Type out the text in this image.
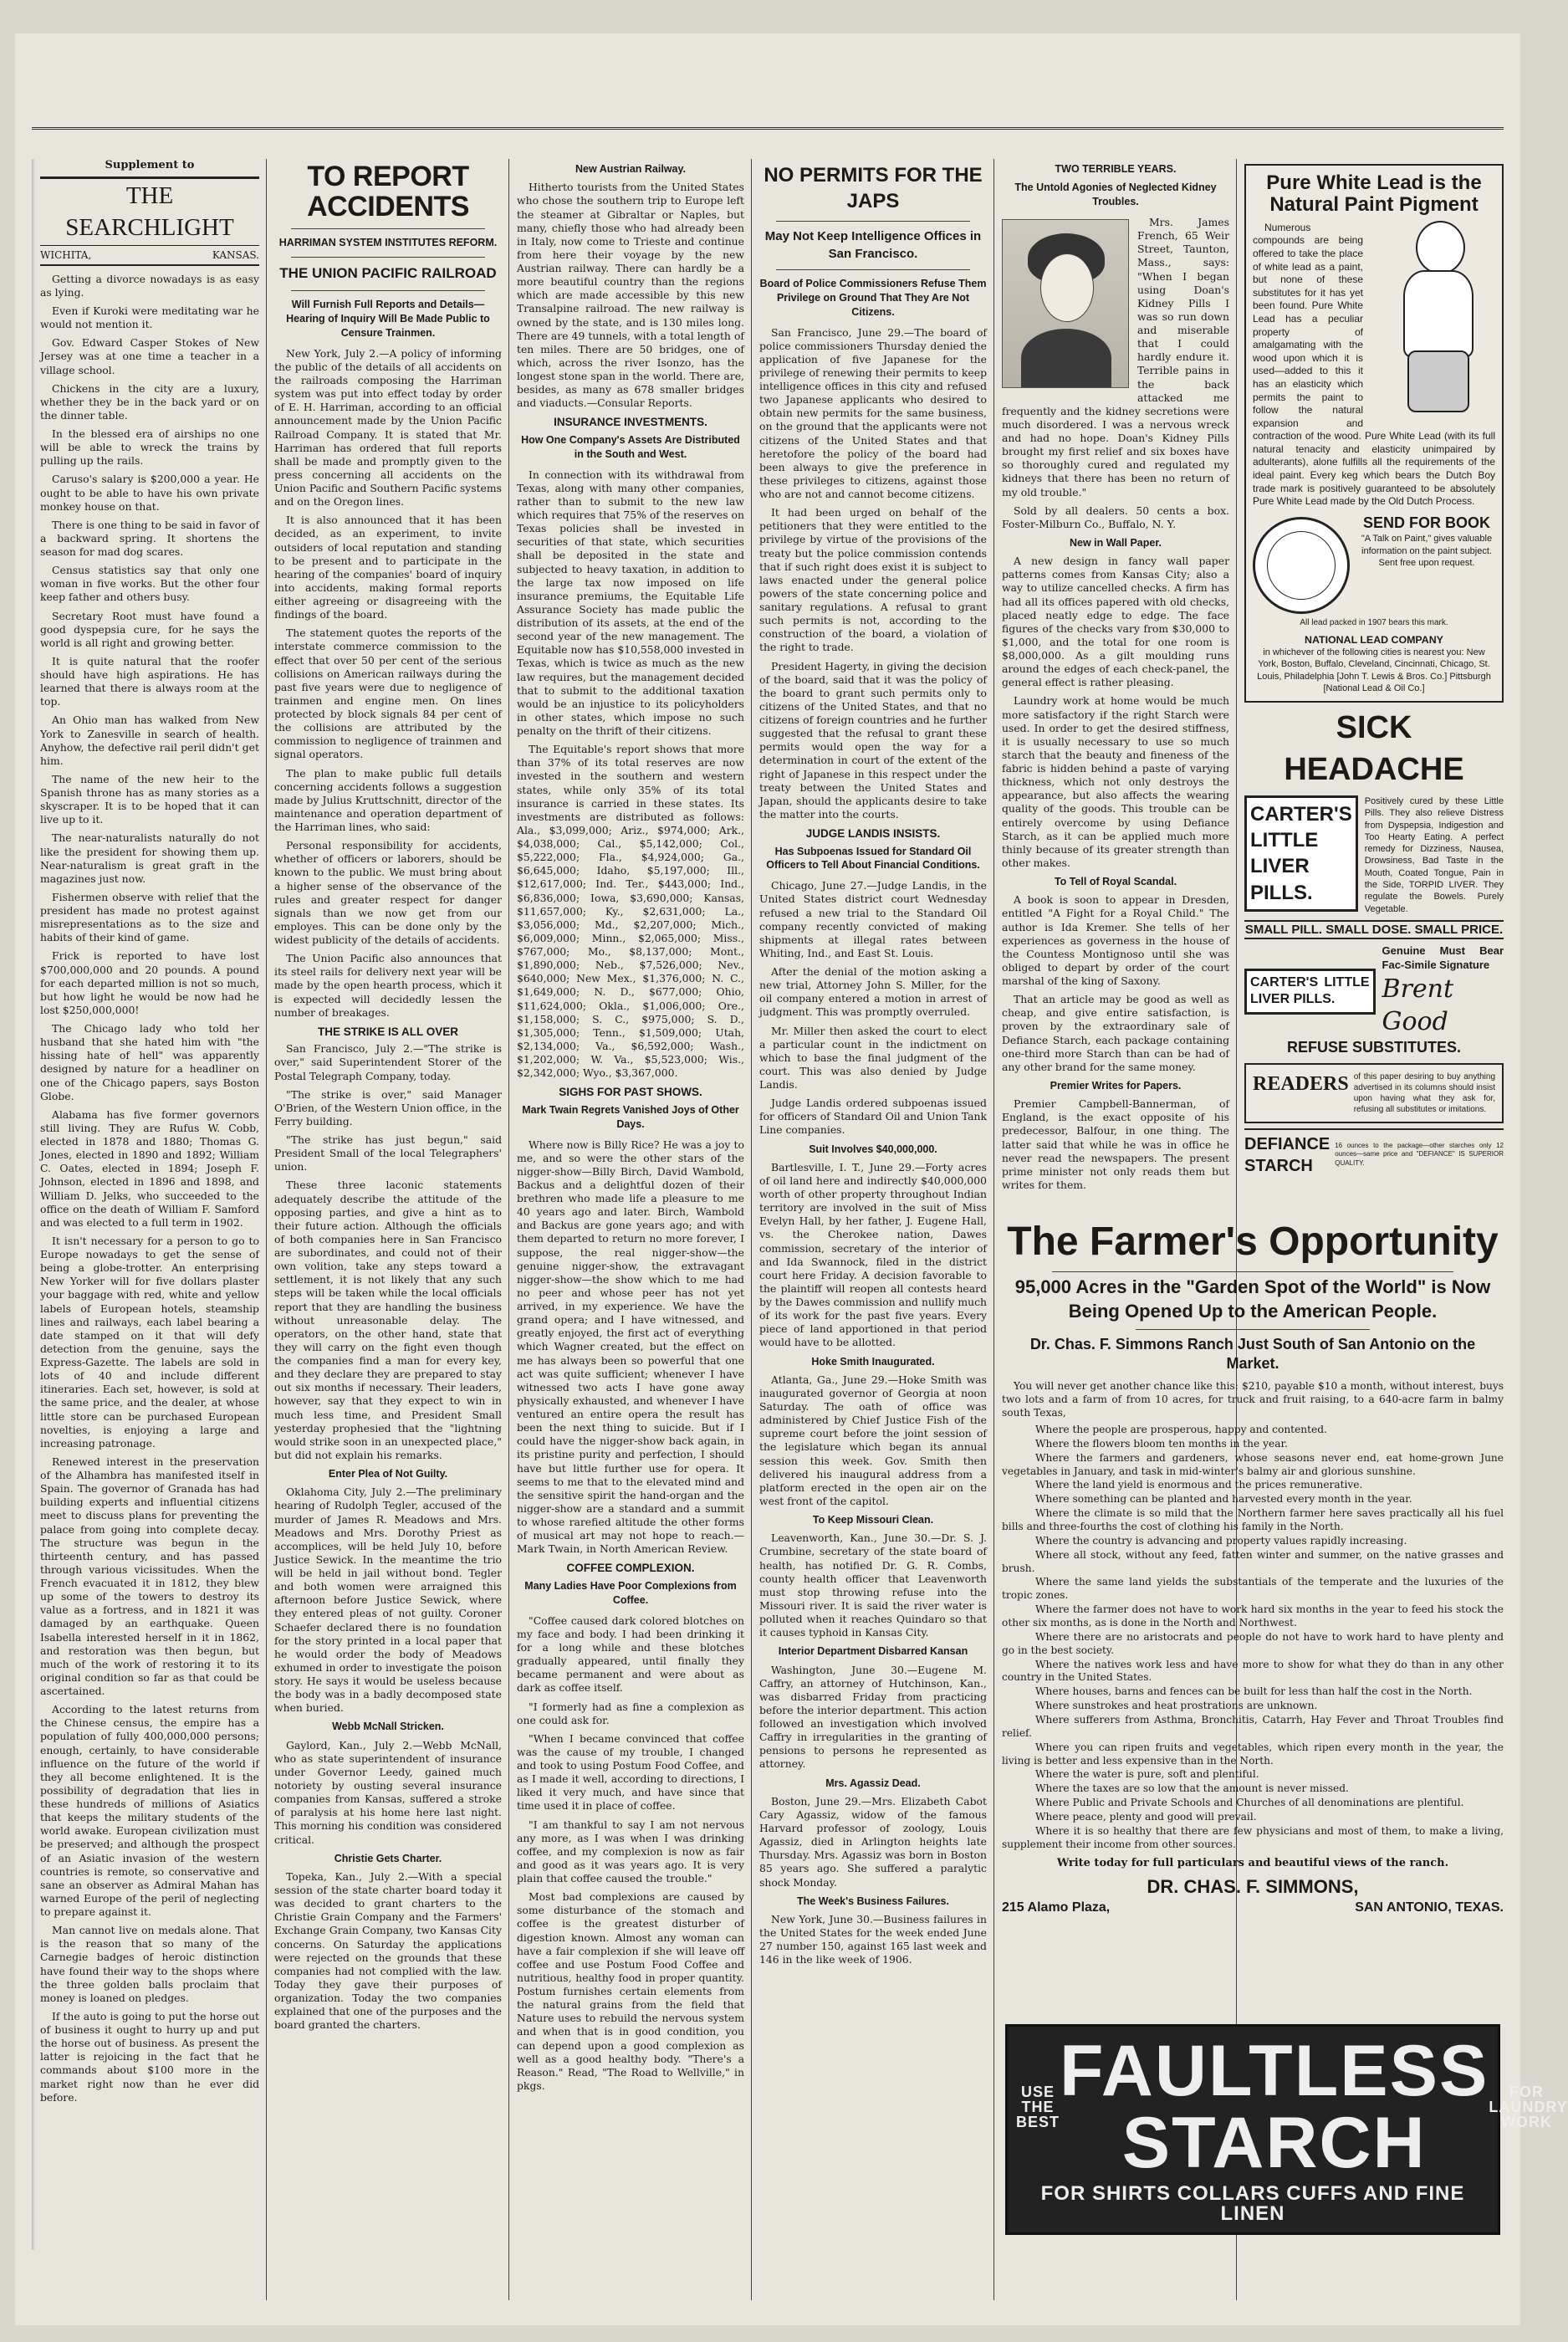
Supplement to
THE SEARCHLIGHT
WICHITA,	KANSAS.

Getting a divorce nowadays is as easy as lying.

Even if Kuroki were meditating war he would not mention it.

Gov. Edward Casper Stokes of New Jersey was at one time a teacher in a village school.

Chickens in the city are a luxury, whether they be in the back yard or on the dinner table.

In the blessed era of airships no one will be able to wreck the trains by pulling up the rails.

Caruso's salary is $200,000 a year. He ought to be able to have his own private monkey house on that.

There is one thing to be said in favor of a backward spring. It shortens the season for mad dog scares.

Census statistics say that only one woman in five works. But the other four keep father and others busy.

Secretary Root must have found a good dyspepsia cure, for he says the world is all right and growing better.

It is quite natural that the roofer should have high aspirations. He has learned that there is always room at the top.

An Ohio man has walked from New York to Zanesville in search of health. Anyhow, the defective rail peril didn't get him.

The name of the new heir to the Spanish throne has as many stories as a skyscraper. It is to be hoped that it can live up to it.

The near-naturalists naturally do not like the president for showing them up. Near-naturalism is great graft in the magazines just now.

Fishermen observe with relief that the president has made no protest against misrepresentations as to the size and habits of their kind of game.

Frick is reported to have lost $700,000,000 and 20 pounds. A pound for each departed million is not so much, but how light he would be now had he lost $250,000,000!

The Chicago lady who told her husband that she hated him with "the hissing hate of hell" was apparently designed by nature for a headliner on one of the Chicago papers, says Boston Globe.

Alabama has five former governors still living. They are Rufus W. Cobb, elected in 1878 and 1880; Thomas G. Jones, elected in 1890 and 1892; William C. Oates, elected in 1894; Joseph F. Johnson, elected in 1896 and 1898, and William D. Jelks, who succeeded to the office on the death of William F. Samford and was elected to a full term in 1902.

It isn't necessary for a person to go to Europe nowadays to get the sense of being a globe-trotter. An enterprising New Yorker will for five dollars plaster your baggage with red, white and yellow labels of European hotels, steamship lines and railways, each label bearing a date stamped on it that will defy detection from the genuine, says the Express-Gazette. The labels are sold in lots of 40 and include different itineraries. Each set, however, is sold at the same price, and the dealer, at whose little store can be purchased European novelties, is enjoying a large and increasing patronage.

Renewed interest in the preservation of the Alhambra has manifested itself in Spain. The governor of Granada has had building experts and influential citizens meet to discuss plans for preventing the palace from going into complete decay. The structure was begun in the thirteenth century, and has passed through various vicissitudes. When the French evacuated it in 1812, they blew up some of the towers to destroy its value as a fortress, and in 1821 it was damaged by an earthquake. Queen Isabella interested herself in it in 1862, and restoration was then begun, but much of the work of restoring it to its original condition so far as that could be ascertained.

According to the latest returns from the Chinese census, the empire has a population of fully 400,000,000 persons; enough, certainly, to have considerable influence on the future of the world if they all become enlightened. It is the possibility of degradation that lies in these hundreds of millions of Asiatics that keeps the military students of the world awake. European civilization must be preserved; and although the prospect of an Asiatic invasion of the western countries is remote, so conservative and sane an observer as Admiral Mahan has warned Europe of the peril of neglecting to prepare against it.

Man cannot live on medals alone. That is the reason that so many of the Carnegie badges of heroic distinction have found their way to the shops where the three golden balls proclaim that money is loaned on pledges.

If the auto is going to put the horse out of business it ought to hurry up and put the horse out of business. As present the latter is rejoicing in the fact that he commands about $100 more in the market right now than he ever did before.

TO REPORT ACCIDENTS
HARRIMAN SYSTEM INSTITUTES REFORM.
THE UNION PACIFIC RAILROAD
Will Furnish Full Reports and Details—Hearing of Inquiry Will Be Made Public to Censure Trainmen.

New York, July 2.—A policy of informing the public of the details of all accidents on the railroads composing the Harriman system was put into effect today by order of E. H. Harriman, according to an official announcement made by the Union Pacific Railroad Company. It is stated that Mr. Harriman has ordered that full reports shall be made and promptly given to the press concerning all accidents on the Union Pacific and Southern Pacific systems and on the Oregon lines.

It is also announced that it has been decided, as an experiment, to invite outsiders of local reputation and standing to be present and to participate in the hearing of the companies' board of inquiry into accidents, making formal reports either agreeing or disagreeing with the findings of the board.

The statement quotes the reports of the interstate commerce commission to the effect that over 50 per cent of the serious collisions on American railways during the past five years were due to negligence of trainmen and engine men. On lines protected by block signals 84 per cent of the collisions are attributed by the commission to negligence of trainmen and signal operators.

The plan to make public full details concerning accidents follows a suggestion made by Julius Kruttschnitt, director of the maintenance and operation department of the Harriman lines, who said:

Personal responsibility for accidents, whether of officers or laborers, should be known to the public. We must bring about a higher sense of the observance of the rules and greater respect for danger signals than we now get from our employes. This can be done only by the widest publicity of the details of accidents.

The Union Pacific also announces that its steel rails for delivery next year will be made by the open hearth process, which it is expected will decidedly lessen the number of breakages.

THE STRIKE IS ALL OVER

San Francisco, July 2.—"The strike is over," said Superintendent Storer of the Postal Telegraph Company, today.

"The strike is over," said Manager O'Brien, of the Western Union office, in the Ferry building.

"The strike has just begun," said President Small of the local Telegraphers' union.

These three laconic statements adequately describe the attitude of the opposing parties, and give a hint as to their future action. Although the officials of both companies here in San Francisco are subordinates, and could not of their own volition, take any steps toward a settlement, it is not likely that any such steps will be taken while the local officials report that they are handling the business without unreasonable delay. The operators, on the other hand, state that they will carry on the fight even though the companies find a man for every key, and they declare they are prepared to stay out six months if necessary. Their leaders, however, say that they expect to win in much less time, and President Small yesterday prophesied that the "lightning would strike soon in an unexpected place," but did not explain his remarks.

Enter Plea of Not Guilty.

Oklahoma City, July 2.—The preliminary hearing of Rudolph Tegler, accused of the murder of James R. Meadows and Mrs. Meadows and Mrs. Dorothy Priest as accomplices, will be held July 10, before Justice Sewick. In the meantime the trio will be held in jail without bond. Tegler and both women were arraigned this afternoon before Justice Sewick, where they entered pleas of not guilty. Coroner Schaefer declared there is no foundation for the story printed in a local paper that he would order the body of Meadows exhumed in order to investigate the poison story. He says it would be useless because the body was in a badly decomposed state when buried.

Webb McNall Stricken.

Gaylord, Kan., July 2.—Webb McNall, who as state superintendent of insurance under Governor Leedy, gained much notoriety by ousting several insurance companies from Kansas, suffered a stroke of paralysis at his home here last night. This morning his condition was considered critical.

Christie Gets Charter.

Topeka, Kan., July 2.—With a special session of the state charter board today it was decided to grant charters to the Christie Grain Company and the Farmers' Exchange Grain Company, two Kansas City concerns. On Saturday the applications were rejected on the grounds that these companies had not complied with the law. Today they gave their purposes of organization. Today the two companies explained that one of the purposes and the board granted the charters.

New Austrian Railway.

Hitherto tourists from the United States who chose the southern trip to Europe left the steamer at Gibraltar or Naples, but many, chiefly those who had already been in Italy, now come to Trieste and continue from here their voyage by the new Austrian railway. There can hardly be a more beautiful country than the regions which are made accessible by this new Transalpine railroad. The new railway is owned by the state, and is 130 miles long. There are 49 tunnels, with a total length of ten miles. There are 50 bridges, one of which, across the river Isonzo, has the longest stone span in the world. There are, besides, as many as 678 smaller bridges and viaducts.—Consular Reports.

INSURANCE INVESTMENTS.
How One Company's Assets Are Distributed in the South and West.

In connection with its withdrawal from Texas, along with many other companies, rather than to submit to the new law which requires that 75% of the reserves on Texas policies shall be invested in securities of that state, which securities shall be deposited in the state and subjected to heavy taxation, in addition to the large tax now imposed on life insurance premiums, the Equitable Life Assurance Society has made public the distribution of its assets, at the end of the second year of the new management. The Equitable now has $10,558,000 invested in Texas, which is twice as much as the new law requires, but the management decided that to submit to the additional taxation would be an injustice to its policyholders in other states, which impose no such penalty on the thrift of their citizens.

The Equitable's report shows that more than 37% of its total reserves are now invested in the southern and western states, while only 35% of its total insurance is carried in these states. Its investments are distributed as follows: Ala., $3,099,000; Ariz., $974,000; Ark., $4,038,000; Cal., $5,142,000; Col., $5,222,000; Fla., $4,924,000; Ga., $6,645,000; Idaho, $5,197,000; Ill., $12,617,000; Ind. Ter., $443,000; Ind., $6,836,000; Iowa, $3,690,000; Kansas, $11,657,000; Ky., $2,631,000; La., $3,056,000; Md., $2,207,000; Mich., $6,009,000; Minn., $2,065,000; Miss., $767,000; Mo., $8,137,000; Mont., $1,890,000; Neb., $7,526,000; Nev., $640,000; New Mex., $1,376,000; N. C., $1,649,000; N. D., $677,000; Ohio, $11,624,000; Okla., $1,006,000; Ore., $1,158,000; S. C., $975,000; S. D., $1,305,000; Tenn., $1,509,000; Utah, $2,134,000; Va., $6,592,000; Wash., $1,202,000; W. Va., $5,523,000; Wis., $2,342,000; Wyo., $3,367,000.

SIGHS FOR PAST SHOWS.
Mark Twain Regrets Vanished Joys of Other Days.

Where now is Billy Rice? He was a joy to me, and so were the other stars of the nigger-show—Billy Birch, David Wambold, Backus and a delightful dozen of their brethren who made life a pleasure to me 40 years ago and later. Birch, Wambold and Backus are gone years ago; and with them departed to return no more forever, I suppose, the real nigger-show—the genuine nigger-show, the extravagant nigger-show—the show which to me had no peer and whose peer has not yet arrived, in my experience. We have the grand opera; and I have witnessed, and greatly enjoyed, the first act of everything which Wagner created, but the effect on me has always been so powerful that one act was quite sufficient; whenever I have witnessed two acts I have gone away physically exhausted, and whenever I have ventured an entire opera the result has been the next thing to suicide. But if I could have the nigger-show back again, in its pristine purity and perfection, I should have but little further use for opera. It seems to me that to the elevated mind and the sensitive spirit the hand-organ and the nigger-show are a standard and a summit to whose rarefied altitude the other forms of musical art may not hope to reach.—Mark Twain, in North American Review.

COFFEE COMPLEXION.
Many Ladies Have Poor Complexions from Coffee.

"Coffee caused dark colored blotches on my face and body. I had been drinking it for a long while and these blotches gradually appeared, until finally they became permanent and were about as dark as coffee itself.

"I formerly had as fine a complexion as one could ask for.

"When I became convinced that coffee was the cause of my trouble, I changed and took to using Postum Food Coffee, and as I made it well, according to directions, I liked it very much, and have since that time used it in place of coffee.

"I am thankful to say I am not nervous any more, as I was when I was drinking coffee, and my complexion is now as fair and good as it was years ago. It is very plain that coffee caused the trouble."

Most bad complexions are caused by some disturbance of the stomach and coffee is the greatest disturber of digestion known. Almost any woman can have a fair complexion if she will leave off coffee and use Postum Food Coffee and nutritious, healthy food in proper quantity. Postum furnishes certain elements from the natural grains from the field that Nature uses to rebuild the nervous system and when that is in good condition, you can depend upon a good complexion as well as a good healthy body. "There's a Reason." Read, "The Road to Wellville," in pkgs.

NO PERMITS FOR THE JAPS
May Not Keep Intelligence Offices in San Francisco.
Board of Police Commissioners Refuse Them Privilege on Ground That They Are Not Citizens.

San Francisco, June 29.—The board of police commissioners Thursday denied the application of five Japanese for the privilege of renewing their permits to keep intelligence offices in this city and refused two Japanese applicants who desired to obtain new permits for the same business, on the ground that the applicants were not citizens of the United States and that heretofore the policy of the board had been always to give the preference in these privileges to citizens, against those who are not and cannot become citizens.

It had been urged on behalf of the petitioners that they were entitled to the privilege by virtue of the provisions of the treaty but the police commission contends that if such right does exist it is subject to laws enacted under the general police powers of the state concerning police and sanitary regulations. A refusal to grant such permits is not, according to the construction of the board, a violation of the right to trade.

President Hagerty, in giving the decision of the board, said that it was the policy of the board to grant such permits only to citizens of the United States, and that no citizens of foreign countries and he further suggested that the refusal to grant these permits would open the way for a determination in court of the extent of the right of Japanese in this respect under the treaty between the United States and Japan, should the applicants desire to take the matter into the courts.

JUDGE LANDIS INSISTS.
Has Subpoenas Issued for Standard Oil Officers to Tell About Financial Conditions.

Chicago, June 27.—Judge Landis, in the United States district court Wednesday refused a new trial to the Standard Oil company recently convicted of making shipments at illegal rates between Whiting, Ind., and East St. Louis.

After the denial of the motion asking a new trial, Attorney John S. Miller, for the oil company entered a motion in arrest of judgment. This was promptly overruled.

Mr. Miller then asked the court to elect a particular count in the indictment on which to base the final judgment of the court. This was also denied by Judge Landis.

Judge Landis ordered subpoenas issued for officers of Standard Oil and Union Tank Line companies.

Suit Involves $40,000,000.

Bartlesville, I. T., June 29.—Forty acres of oil land here and indirectly $40,000,000 worth of other property throughout Indian territory are involved in the suit of Miss Evelyn Hall, by her father, J. Eugene Hall, vs. the Cherokee nation, Dawes commission, secretary of the interior of and Ida Swannock, filed in the district court here Friday. A decision favorable to the plaintiff will reopen all contests heard by the Dawes commission and nullify much of its work for the past five years. Every piece of land apportioned in that period would have to be allotted.

Hoke Smith Inaugurated.

Atlanta, Ga., June 29.—Hoke Smith was inaugurated governor of Georgia at noon Saturday. The oath of office was administered by Chief Justice Fish of the supreme court before the joint session of the legislature which began its annual session this week. Gov. Smith then delivered his inaugural address from a platform erected in the open air on the west front of the capitol.

To Keep Missouri Clean.

Leavenworth, Kan., June 30.—Dr. S. J. Crumbine, secretary of the state board of health, has notified Dr. G. R. Combs, county health officer that Leavenworth must stop throwing refuse into the Missouri river. It is said the river water is polluted when it reaches Quindaro so that it causes typhoid in Kansas City.

Interior Department Disbarred Kansan

Washington, June 30.—Eugene M. Caffry, an attorney of Hutchinson, Kan., was disbarred Friday from practicing before the interior department. This action followed an investigation which involved Caffry in irregularities in the granting of pensions to persons he represented as attorney.

Mrs. Agassiz Dead.

Boston, June 29.—Mrs. Elizabeth Cabot Cary Agassiz, widow of the famous Harvard professor of zoology, Louis Agassiz, died in Arlington heights late Thursday. Mrs. Agassiz was born in Boston 85 years ago. She suffered a paralytic shock Monday.

The Week's Business Failures.

New York, June 30.—Business failures in the United States for the week ended June 27 number 150, against 165 last week and 146 in the like week of 1906.

TWO TERRIBLE YEARS.
The Untold Agonies of Neglected Kidney Troubles.

Mrs. James French, 65 Weir Street, Taunton, Mass., says: "When I began using Doan's Kidney Pills I was so run down and miserable that I could hardly endure it. Terrible pains in the back attacked me frequently and the kidney secretions were much disordered. I was a nervous wreck and had no hope. Doan's Kidney Pills brought my first relief and six boxes have so thoroughly cured and regulated my kidneys that there has been no return of my old trouble."

Sold by all dealers. 50 cents a box. Foster-Milburn Co., Buffalo, N. Y.

New in Wall Paper.

A new design in fancy wall paper patterns comes from Kansas City; also a way to utilize cancelled checks. A firm has had all its offices papered with old checks, placed neatly edge to edge. The face figures of the checks vary from $30,000 to $1,000, and the total for one room is $8,000,000. As a gilt moulding runs around the edges of each check-panel, the general effect is rather pleasing.

Laundry work at home would be much more satisfactory if the right Starch were used. In order to get the desired stiffness, it is usually necessary to use so much starch that the beauty and fineness of the fabric is hidden behind a paste of varying thickness, which not only destroys the appearance, but also affects the wearing quality of the goods. This trouble can be entirely overcome by using Defiance Starch, as it can be applied much more thinly because of its greater strength than other makes.

To Tell of Royal Scandal.

A book is soon to appear in Dresden, entitled "A Fight for a Royal Child." The author is Ida Kremer. She tells of her experiences as governess in the house of the Countess Montignoso until she was obliged to depart by order of the court marshal of the king of Saxony.

That an article may be good as well as cheap, and give entire satisfaction, is proven by the extraordinary sale of Defiance Starch, each package containing one-third more Starch than can be had of any other brand for the same money.

Premier Writes for Papers.

Premier Campbell-Bannerman, of England, is the exact opposite of his predecessor, Balfour, in one thing. The latter said that while he was in office he never read the newspapers. The present prime minister not only reads them but writes for them.

Pure White Lead is the Natural Paint Pigment

Numerous compounds are being offered to take the place of white lead as a paint, but none of these substitutes for it has yet been found. Pure White Lead has a peculiar property of amalgamating with the wood upon which it is used—added to this it has an elasticity which permits the paint to follow the natural expansion and contraction of the wood. Pure White Lead (with its full natural tenacity and elasticity unimpaired by adulterants), alone fulfills all the requirements of the ideal paint. Every keg which bears the Dutch Boy trade mark is positively guaranteed to be absolutely Pure White Lead made by the Old Dutch Process.

SEND FOR BOOK
"A Talk on Paint," gives valuable information on the paint subject. Sent free upon request.
All lead packed in 1907 bears this mark.
NATIONAL LEAD COMPANY
in whichever of the following cities is nearest you: New York, Boston, Buffalo, Cleveland, Cincinnati, Chicago, St. Louis, Philadelphia [John T. Lewis & Bros. Co.] Pittsburgh [National Lead & Oil Co.]
SICK HEADACHE
CARTER'S LITTLE LIVER PILLS.
Positively cured by these Little Pills. They also relieve Distress from Dyspepsia, Indigestion and Too Hearty Eating. A perfect remedy for Dizziness, Nausea, Drowsiness, Bad Taste in the Mouth, Coated Tongue, Pain in the Side, TORPID LIVER. They regulate the Bowels. Purely Vegetable.
SMALL PILL. SMALL DOSE. SMALL PRICE.
CARTER'S LITTLE LIVER PILLS.
Genuine Must Bear Fac-Simile Signature
Brent Good
REFUSE SUBSTITUTES.
READERS of this paper desiring to buy anything advertised in its columns should insist upon having what they ask for, refusing all substitutes or imitations.
DEFIANCE STARCH
16 ounces to the package—other starches only 12 ounces—same price and "DEFIANCE" IS SUPERIOR QUALITY.
The Farmer's Opportunity
95,000 Acres in the "Garden Spot of the World" is Now Being Opened Up to the American People.
Dr. Chas. F. Simmons Ranch Just South of San Antonio on the Market.

You will never get another chance like this: $210, payable $10 a month, without interest, buys two lots and a farm of from 10 acres, for truck and fruit raising, to a 640-acre farm in balmy south Texas,

Where the people are prosperous, happy and contented.
Where the flowers bloom ten months in the year.
Where the farmers and gardeners, whose seasons never end, eat home-grown June vegetables in January, and task in mid-winter's balmy air and glorious sunshine.
Where the land yield is enormous and the prices remunerative.
Where something can be planted and harvested every month in the year.
Where the climate is so mild that the Northern farmer here saves practically all his fuel bills and three-fourths the cost of clothing his family in the North.
Where the country is advancing and property values rapidly increasing.
Where all stock, without any feed, fatten winter and summer, on the native grasses and brush.
Where the same land yields the substantials of the temperate and the luxuries of the tropic zones.
Where the farmer does not have to work hard six months in the year to feed his stock the other six months, as is done in the North and Northwest.
Where there are no aristocrats and people do not have to work hard to have plenty and go in the best society.
Where the natives work less and have more to show for what they do than in any other country in the United States.
Where houses, barns and fences can be built for less than half the cost in the North.
Where sunstrokes and heat prostrations are unknown.
Where sufferers from Asthma, Bronchitis, Catarrh, Hay Fever and Throat Troubles find relief.
Where you can ripen fruits and vegetables, which ripen every month in the year, the living is better and less expensive than in the North.
Where the water is pure, soft and plentiful.
Where the taxes are so low that the amount is never missed.
Where Public and Private Schools and Churches of all denominations are plentiful.
Where peace, plenty and good will prevail.
Where it is so healthy that there are few physicians and most of them, to make a living, supplement their income from other sources.
Write today for full particulars and beautiful views of the ranch.
DR. CHAS. F. SIMMONS,
215 Alamo Plaza,	SAN ANTONIO, TEXAS.
USE THE BEST
FAULTLESS
STARCH
FOR LAUNDRY WORK
FOR SHIRTS COLLARS CUFFS AND FINE LINEN
